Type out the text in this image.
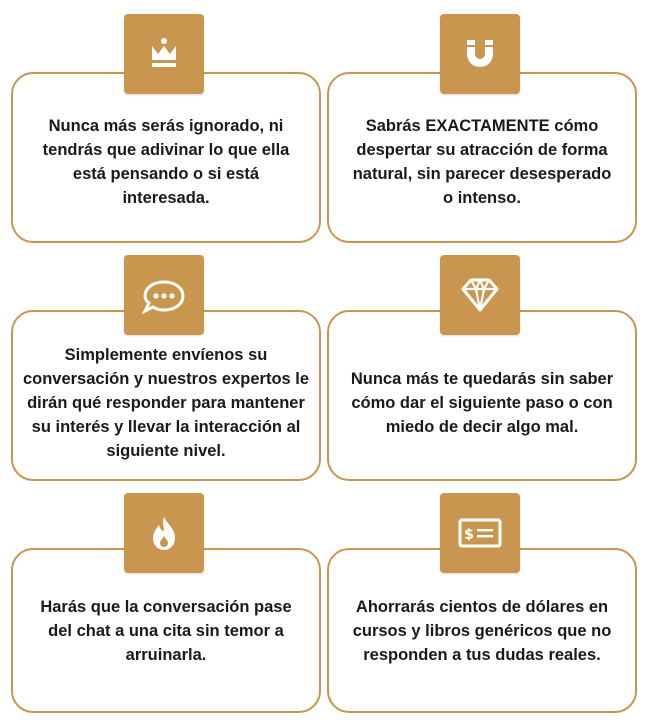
Nunca más serás ignorado, ni tendrás que adivinar lo que ella está pensando o si está interesada.

Sabrás EXACTAMENTE cómo despertar su atracción de forma natural, sin parecer desesperado o intenso.

Simplemente envíenos su conversación y nuestros expertos le dirán qué responder para mantener su interés y llevar la interacción al siguiente nivel.

Nunca más te quedarás sin saber cómo dar el siguiente paso o con miedo de decir algo mal.

Harás que la conversación pase del chat a una cita sin temor a arruinarla.

Ahorrarás cientos de dólares en cursos y libros genéricos que no responden a tus dudas reales.

$
